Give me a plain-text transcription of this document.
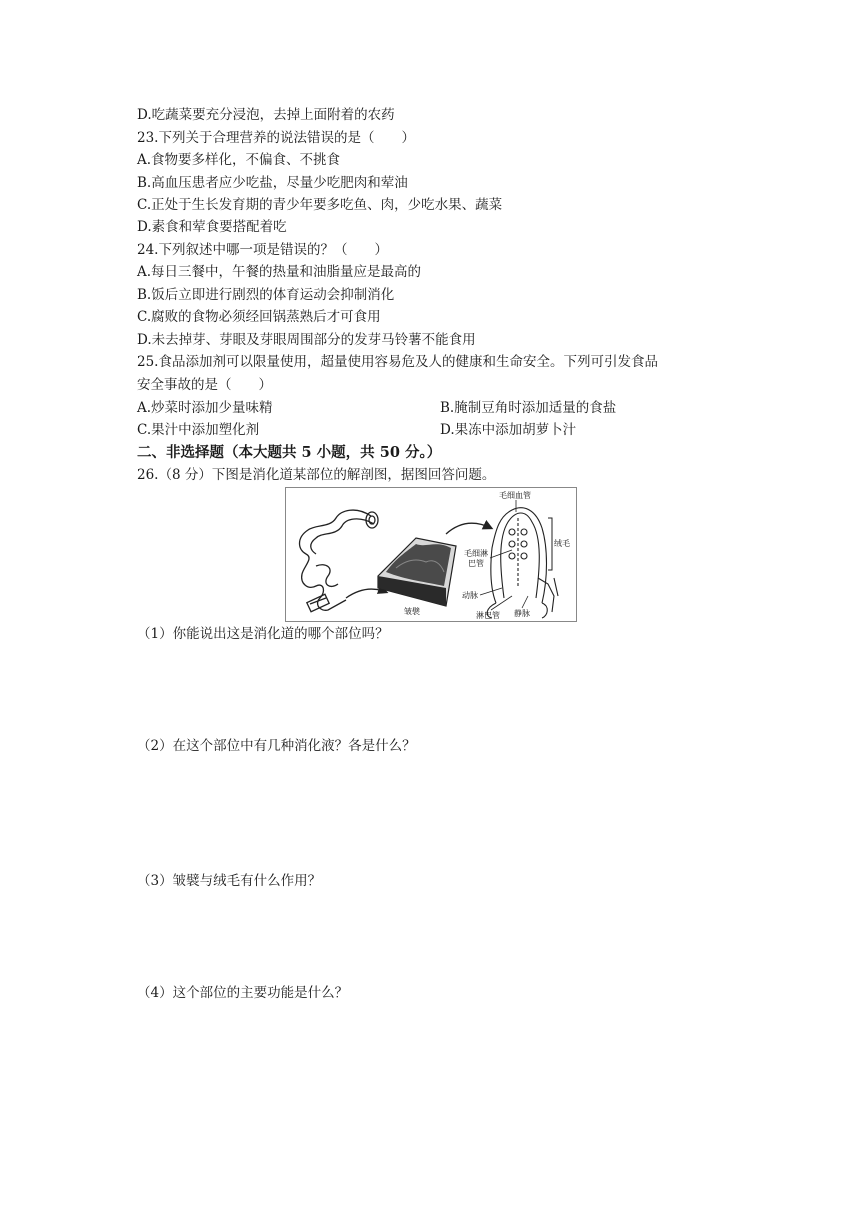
D.吃蔬菜要充分浸泡，去掉上面附着的农药
23.下列关于合理营养的说法错误的是（　　）
A.食物要多样化，不偏食、不挑食
B.高血压患者应少吃盐，尽量少吃肥肉和荤油
C.正处于生长发育期的青少年要多吃鱼、肉，少吃水果、蔬菜
D.素食和荤食要搭配着吃
24.下列叙述中哪一项是错误的？（　　）
A.每日三餐中，午餐的热量和油脂量应是最高的
B.饭后立即进行剧烈的体育运动会抑制消化
C.腐败的食物必须经回锅蒸熟后才可食用
D.未去掉芽、芽眼及芽眼周围部分的发芽马铃薯不能食用
25.食品添加剂可以限量使用，超量使用容易危及人的健康和生命安全。下列可引发食品
安全事故的是（　　）
A.炒菜时添加少量味精	B.腌制豆角时添加适量的食盐
C.果汁中添加塑化剂	D.果冻中添加胡萝卜汁
二、非选择题（本大题共 5 小题，共 50 分。）
26.（8 分）下图是消化道某部位的解剖图，据图回答问题。
皱襞
绒毛
毛细血管
毛细淋
巴管
动脉
淋巴管 静脉
（1）你能说出这是消化道的哪个部位吗？
（2）在这个部位中有几种消化液？各是什么？
（3）皱襞与绒毛有什么作用？
（4）这个部位的主要功能是什么？
